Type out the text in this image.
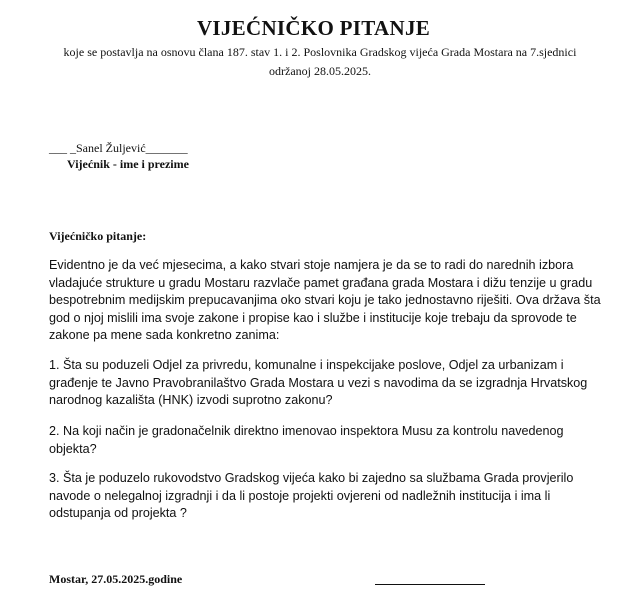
VIJEĆNIČKO PITANJE
koje se postavlja na osnovu člana 187. stav 1. i 2. Poslovnika Gradskog vijeća Grada Mostara na 7.sjednici
održanoj 28.05.2025.
___ _Sanel Žuljević_______
Vijećnik - ime i prezime
Vijećničko pitanje:
Evidentno je da već mjesecima, a kako stvari stoje namjera je da se to radi do narednih izbora
vladajuće strukture u gradu Mostaru razvlače pamet građana grada Mostara i dižu tenzije u gradu
bespotrebnim medijskim prepucavanjima oko stvari koju je tako jednostavno riješiti. Ova država šta
god o njoj mislili ima svoje zakone i propise kao i službe i institucije koje trebaju da sprovode te
zakone pa mene sada konkretno zanima:
1. Šta su poduzeli Odjel za privredu, komunalne i inspekcijake poslove, Odjel za urbanizam i
građenje te Javno Pravobranilaštvo Grada Mostara u vezi s navodima da se izgradnja Hrvatskog
narodnog kazališta (HNK) izvodi suprotno zakonu?
2. Na koji način je gradonačelnik direktno imenovao inspektora Musu za kontrolu navedenog
objekta?
3. Šta je poduzelo rukovodstvo Gradskog vijeća kako bi zajedno sa službama Grada provjerilo
navode o nelegalnoj izgradnji i da li postoje projekti ovjereni od nadležnih institucija i ima li
odstupanja od projekta ?
Mostar, 27.05.2025.godine
